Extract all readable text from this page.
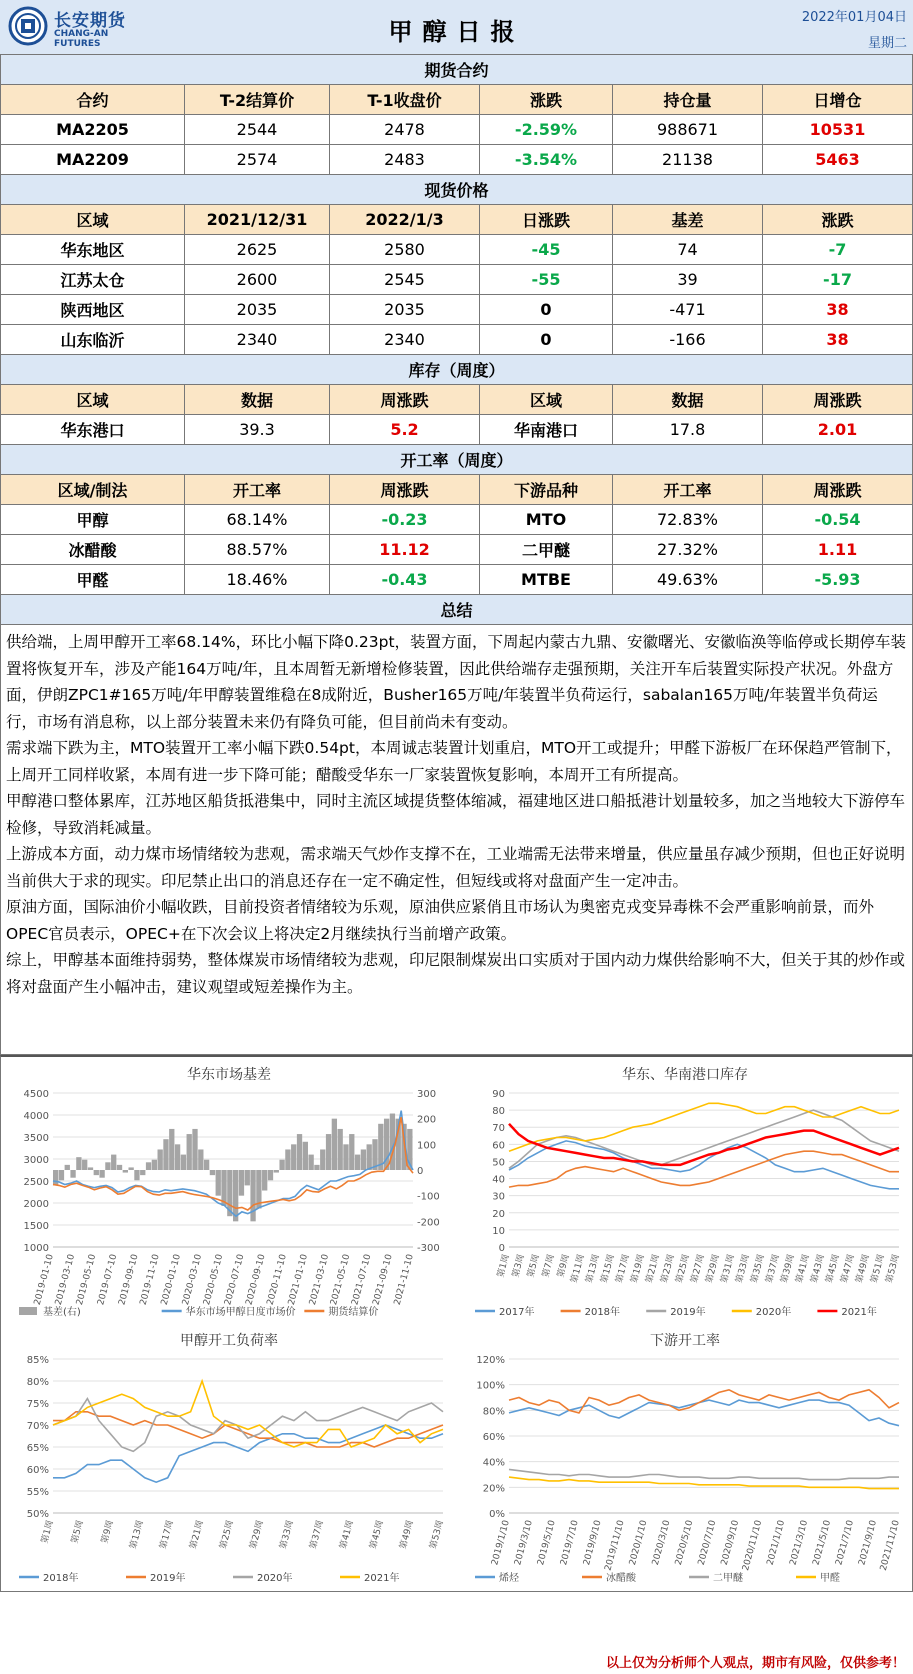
长安期货
CHANG-AN FUTURES	甲醇日报
2022年01月04日
星期二
期货合约					
合约	T-2结算价	T-1收盘价	涨跌	持仓量	日增仓
MA2205	2544	2478	-2.59%	988671	10531
MA2209	2574	2483	-3.54%	21138	5463
现货价格					
区域	2021/12/31	2022/1/3	日涨跌	基差	涨跌
华东地区	2625	2580	-45	74	-7
江苏太仓	2600	2545	-55	39	-17
陕西地区	2035	2035	0	-471	38
山东临沂	2340	2340	0	-166	38
库存（周度）					
区域	数据	周涨跌	区域	数据	周涨跌
华东港口	39.3	5.2	华南港口	17.8	2.01
开工率（周度）					
区域/制法	开工率	周涨跌	下游品种	开工率	周涨跌
甲醇	68.14%	-0.23	MTO	72.83%	-0.54
冰醋酸	88.57%	11.12	二甲醚	27.32%	1.11
甲醛	18.46%	-0.43	MTBE	49.63%	-5.93
总结					

供给端，上周甲醇开工率68.14%，环比小幅下降0.23pt，装置方面，下周起内蒙古九鼎、安徽曙光、安徽临涣等临停或长期停车装置将恢复开车，涉及产能164万吨/年，且本周暂无新增检修装置，因此供给端存走强预期，关注开车后装置实际投产状况。外盘方面，伊朗ZPC1#165万吨/年甲醇装置维稳在8成附近，Busher165万吨/年装置半负荷运行，sabalan165万吨/年装置半负荷运行，市场有消息称，以上部分装置未来仍有降负可能，但目前尚未有变动。

需求端下跌为主，MTO装置开工率小幅下跌0.54pt，本周诚志装置计划重启，MTO开工或提升；甲醛下游板厂在环保趋严管制下，上周开工同样收紧，本周有进一步下降可能；醋酸受华东一厂家装置恢复影响，本周开工有所提高。

甲醇港口整体累库，江苏地区船货抵港集中，同时主流区域提货整体缩减，福建地区进口船抵港计划量较多，加之当地较大下游停车检修，导致消耗减量。

上游成本方面，动力煤市场情绪较为悲观，需求端天气炒作支撑不在，工业端需无法带来增量，供应量虽存减少预期，但也正好说明当前供大于求的现实。印尼禁止出口的消息还存在一定不确定性，但短线或将对盘面产生一定冲击。

原油方面，国际油价小幅收跌，目前投资者情绪较为乐观，原油供应紧俏且市场认为奥密克戎变异毒株不会严重影响前景，而外OPEC官员表示，OPEC+在下次会议上将决定2月继续执行当前增产政策。

综上，甲醇基本面维持弱势，整体煤炭市场情绪较为悲观，印尼限制煤炭出口实质对于国内动力煤供给影响不大，但关于其的炒作或将对盘面产生小幅冲击，建议观望或短差操作为主。

华东市场基差
4500
4000
3500
3000
2500
2000
1500
1000
300
200
100
0
-100
-200
-300
2019-01-10
2019-03-10
2019-05-10
2019-07-10
2019-09-10
2019-11-10
2020-01-10
2020-03-10
2020-05-10
2020-07-10
2020-09-10
2020-11-10
2021-01-10
2021-03-10
2021-05-10
2021-07-10
2021-09-10
2021-11-10
基差(右)	华东市场甲醇日度市场价	期货结算价
华东、华南港口库存
90
80
70
60
50
40
30
20
10
0
第1周 第3周 第5周 第7周 第9周
第11周
第13周
第15周
第17周
第19周
第21周
第23周
第25周
第27周
第29周
第31周
第33周
第35周
第37周
第39周
第41周
第43周
第45周
第47周
第49周
第51周
第53周
2017年	2018年	2019年	2020年	2021年
甲醇开工负荷率
85%
80%
75%
70%
65%
60%
55%
50%
第1周 第5周 第9周 第13周 第17周 第21周 第25周 第29周 第33周 第37周 第41周 第45周 第49周 第53周
2018年	2019年	2020年	2021年
下游开工率
120%
100%
80%
60%
40%
20%
0%
2019/1/10 2019/3/10 2019/5/10 2019/7/10 2019/9/10 2019/11/10 2020/1/10 2020/3/10 2020/5/10 2020/7/10 2020/9/10 2020/11/10 2021/1/10 2021/3/10 2021/5/10 2021/7/10 2021/9/10 2021/11/10
烯烃	冰醋酸	二甲醚	甲醛
以上仅为分析师个人观点，期市有风险，仅供参考！
